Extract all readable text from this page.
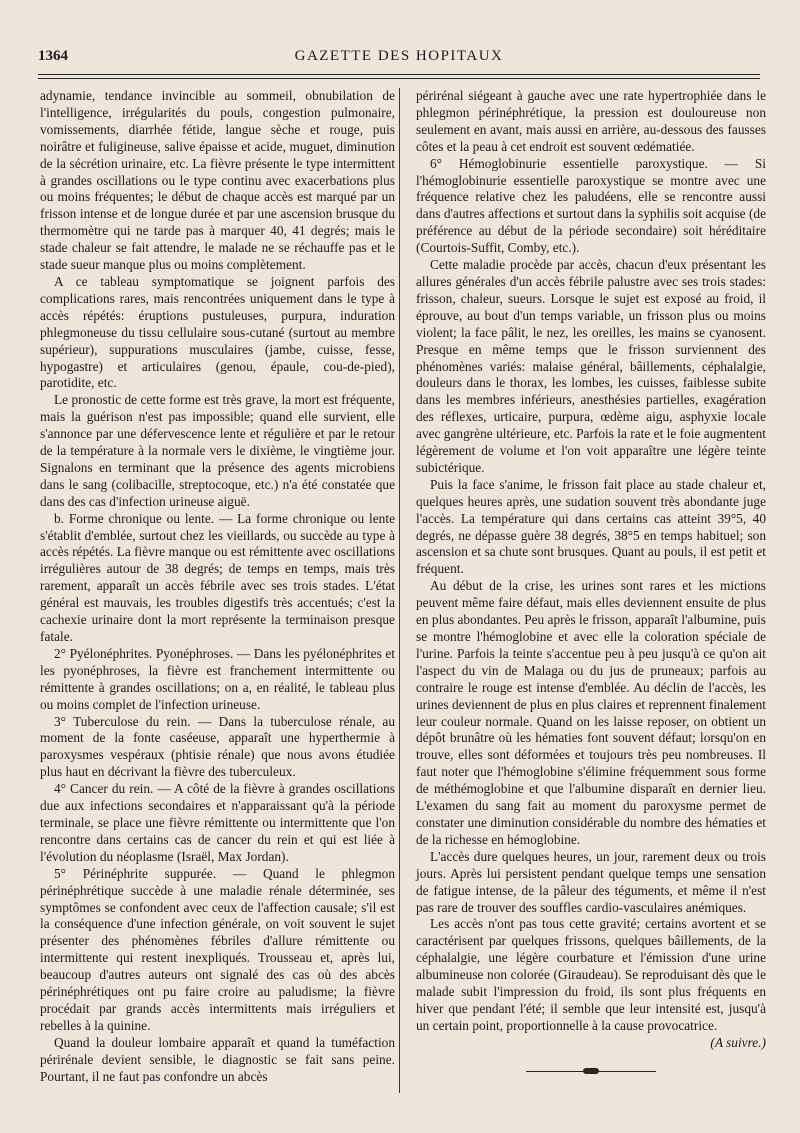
1364	GAZETTE DES HOPITAUX

adynamie, tendance invincible au sommeil, obnubilation de l'intelligence, irrégularités du pouls, congestion pulmonaire, vomissements, diarrhée fétide, langue sèche et rouge, puis noirâtre et fuligineuse, salive épaisse et acide, muguet, diminution de la sécrétion urinaire, etc. La fièvre présente le type intermittent à grandes oscillations ou le type continu avec exacerbations plus ou moins fréquentes; le début de chaque accès est marqué par un frisson intense et de longue durée et par une ascension brusque du thermomètre qui ne tarde pas à marquer 40, 41 degrés; mais le stade chaleur se fait attendre, le malade ne se réchauffe pas et le stade sueur manque plus ou moins complètement.

A ce tableau symptomatique se joignent parfois des complications rares, mais rencontrées uniquement dans le type à accès répétés: éruptions pustuleuses, purpura, induration phlegmoneuse du tissu cellulaire sous-cutané (surtout au membre supérieur), suppurations musculaires (jambe, cuisse, fesse, hypogastre) et articulaires (genou, épaule, cou-de-pied), parotidite, etc.

Le pronostic de cette forme est très grave, la mort est fréquente, mais la guérison n'est pas impossible; quand elle survient, elle s'annonce par une défervescence lente et régulière et par le retour de la température à la normale vers le dixième, le vingtième jour. Signalons en terminant que la présence des agents microbiens dans le sang (colibacille, streptocoque, etc.) n'a été constatée que dans des cas d'infection urineuse aiguë.

b. Forme chronique ou lente. — La forme chronique ou lente s'établit d'emblée, surtout chez les vieillards, ou succède au type à accès répétés. La fièvre manque ou est rémittente avec oscillations irrégulières autour de 38 degrés; de temps en temps, mais très rarement, apparaît un accès fébrile avec ses trois stades. L'état général est mauvais, les troubles digestifs très accentués; c'est la cachexie urinaire dont la mort représente la terminaison presque fatale.

2° Pyélonéphrites. Pyonéphroses. — Dans les pyélonéphrites et les pyonéphroses, la fièvre est franchement intermittente ou rémittente à grandes oscillations; on a, en réalité, le tableau plus ou moins complet de l'infection urineuse.

3° Tuberculose du rein. — Dans la tuberculose rénale, au moment de la fonte caséeuse, apparaît une hyperthermie à paroxysmes vespéraux (phtisie rénale) que nous avons étudiée plus haut en décrivant la fièvre des tuberculeux.

4° Cancer du rein. — A côté de la fièvre à grandes oscillations due aux infections secondaires et n'apparaissant qu'à la période terminale, se place une fièvre rémittente ou intermittente que l'on rencontre dans certains cas de cancer du rein et qui est liée à l'évolution du néoplasme (Israël, Max Jordan).

5° Périnéphrite suppurée. — Quand le phlegmon périnéphrétique succède à une maladie rénale déterminée, ses symptômes se confondent avec ceux de l'affection causale; s'il est la conséquence d'une infection générale, on voit souvent le sujet présenter des phénomènes fébriles d'allure rémittente ou intermittente qui restent inexpliqués. Trousseau et, après lui, beaucoup d'autres auteurs ont signalé des cas où des abcès périnéphrétiques ont pu faire croire au paludisme; la fièvre procédait par grands accès intermittents mais irréguliers et rebelles à la quinine.

Quand la douleur lombaire apparaît et quand la tuméfaction périrénale devient sensible, le diagnostic se fait sans peine. Pourtant, il ne faut pas confondre un abcès

périrénal siégeant à gauche avec une rate hypertrophiée dans le phlegmon périnéphrétique, la pression est douloureuse non seulement en avant, mais aussi en arrière, au-dessous des fausses côtes et la peau à cet endroit est souvent œdématiée.

6° Hémoglobinurie essentielle paroxystique. — Si l'hémoglobinurie essentielle paroxystique se montre avec une fréquence relative chez les paludéens, elle se rencontre aussi dans d'autres affections et surtout dans la syphilis soit acquise (de préférence au début de la période secondaire) soit héréditaire (Courtois-Suffit, Comby, etc.).

Cette maladie procède par accès, chacun d'eux présentant les allures générales d'un accès fébrile palustre avec ses trois stades: frisson, chaleur, sueurs. Lorsque le sujet est exposé au froid, il éprouve, au bout d'un temps variable, un frisson plus ou moins violent; la face pâlit, le nez, les oreilles, les mains se cyanosent. Presque en même temps que le frisson surviennent des phénomènes variés: malaise général, bâillements, céphalalgie, douleurs dans le thorax, les lombes, les cuisses, faiblesse subite dans les membres inférieurs, anesthésies partielles, exagération des réflexes, urticaire, purpura, œdème aigu, asphyxie locale avec gangrène ultérieure, etc. Parfois la rate et le foie augmentent légèrement de volume et l'on voit apparaître une légère teinte subictérique.

Puis la face s'anime, le frisson fait place au stade chaleur et, quelques heures après, une sudation souvent très abondante juge l'accès. La température qui dans certains cas atteint 39°5, 40 degrés, ne dépasse guère 38 degrés, 38°5 en temps habituel; son ascension et sa chute sont brusques. Quant au pouls, il est petit et fréquent.

Au début de la crise, les urines sont rares et les mictions peuvent même faire défaut, mais elles deviennent ensuite de plus en plus abondantes. Peu après le frisson, apparaît l'albumine, puis se montre l'hémoglobine et avec elle la coloration spéciale de l'urine. Parfois la teinte s'accentue peu à peu jusqu'à ce qu'on ait l'aspect du vin de Malaga ou du jus de pruneaux; parfois au contraire le rouge est intense d'emblée. Au déclin de l'accès, les urines deviennent de plus en plus claires et reprennent finalement leur couleur normale. Quand on les laisse reposer, on obtient un dépôt brunâtre où les hématies font souvent défaut; lorsqu'on en trouve, elles sont déformées et toujours très peu nombreuses. Il faut noter que l'hémoglobine s'élimine fréquemment sous forme de méthémoglobine et que l'albumine disparaît en dernier lieu. L'examen du sang fait au moment du paroxysme permet de constater une diminution considérable du nombre des hématies et de la richesse en hémoglobine.

L'accès dure quelques heures, un jour, rarement deux ou trois jours. Après lui persistent pendant quelque temps une sensation de fatigue intense, de la pâleur des téguments, et même il n'est pas rare de trouver des souffles cardio-vasculaires anémiques.

Les accès n'ont pas tous cette gravité; certains avortent et se caractérisent par quelques frissons, quelques bâillements, de la céphalalgie, une légère courbature et l'émission d'une urine albumineuse non colorée (Giraudeau). Se reproduisant dès que le malade subit l'impression du froid, ils sont plus fréquents en hiver que pendant l'été; il semble que leur intensité est, jusqu'à un certain point, proportionnelle à la cause provocatrice.

(A suivre.)
